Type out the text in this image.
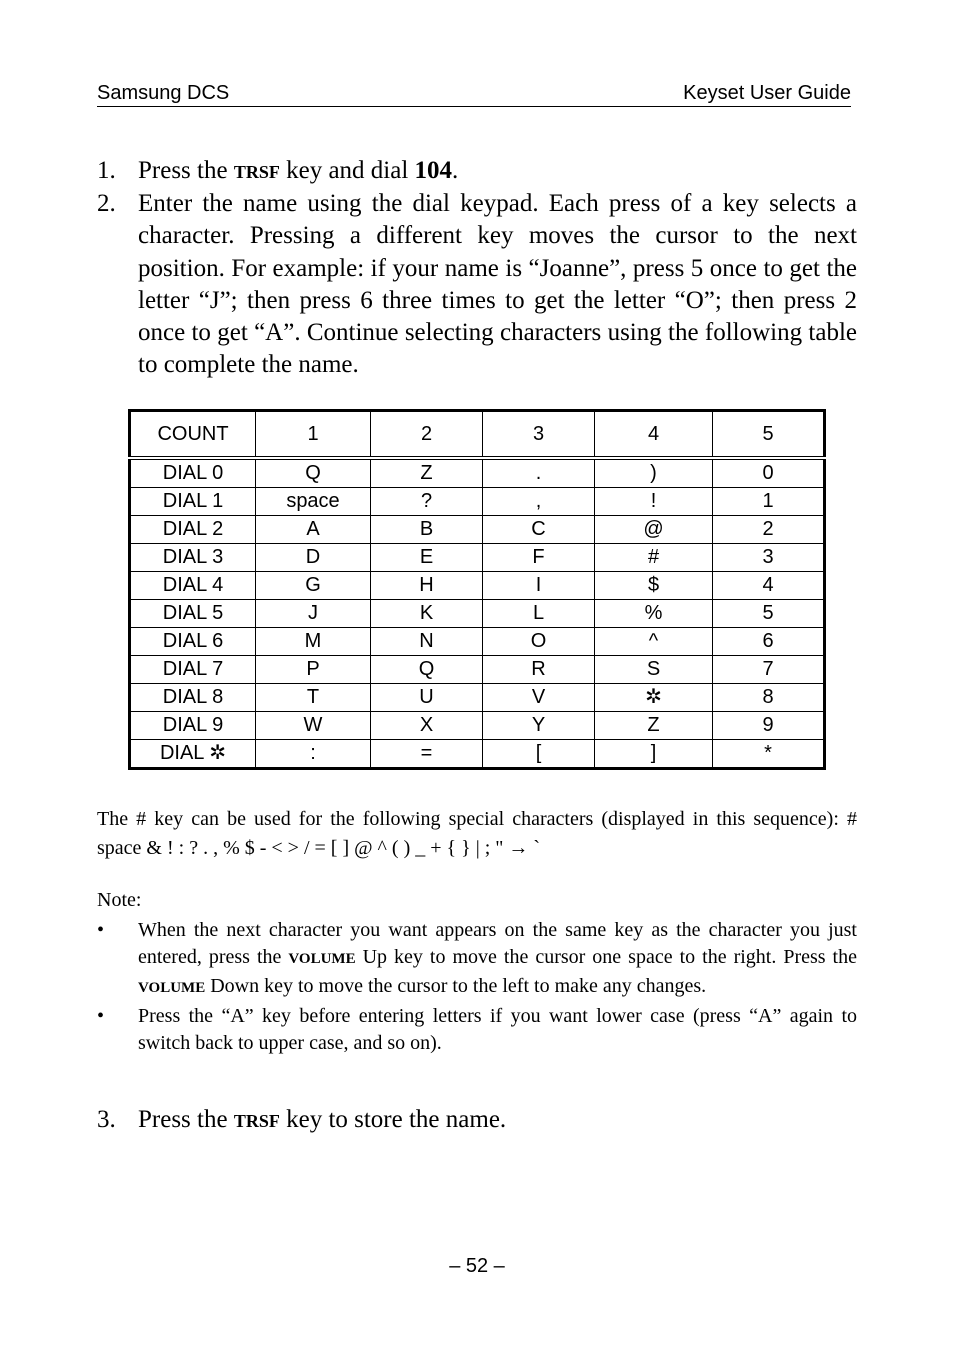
Samsung DCS	Keyset User Guide
1. Press the TRSF key and dial 104.
2. Enter the name using the dial keypad. Each press of a key selects a character. Pressing a different key moves the cursor to the next position. For example: if your name is “Joanne”, press 5 once to get the letter “J”; then press 6 three times to get the letter “O”; then press 2 once to get “A”. Continue selecting characters using the following table to complete the name.
COUNT	1	2	3	4	5
DIAL 0	Q	Z	.	)	0
DIAL 1	space	?	,	!	1
DIAL 2	A	B	C	@	2
DIAL 3	D	E	F	#	3
DIAL 4	G	H	I	$	4
DIAL 5	J	K	L	%	5
DIAL 6	M	N	O	^	6
DIAL 7	P	Q	R	S	7
DIAL 8	T	U	V	✲	8
DIAL 9	W	X	Y	Z	9
DIAL ✲	:	=	[	]	*
The # key can be used for the following special characters (displayed in this sequence): # space & ! : ? . , % $ - < > / = [ ] @ ^ ( ) _ + { } | ; " → `
Note:
•	When the next character you want appears on the same key as the character you just entered, press the VOLUME Up key to move the cursor one space to the right. Press the VOLUME Down key to move the cursor to the left to make any changes.
•	Press the “A” key before entering letters if you want lower case (press “A” again to switch back to upper case, and so on).
3. Press the TRSF key to store the name.
– 52 –
